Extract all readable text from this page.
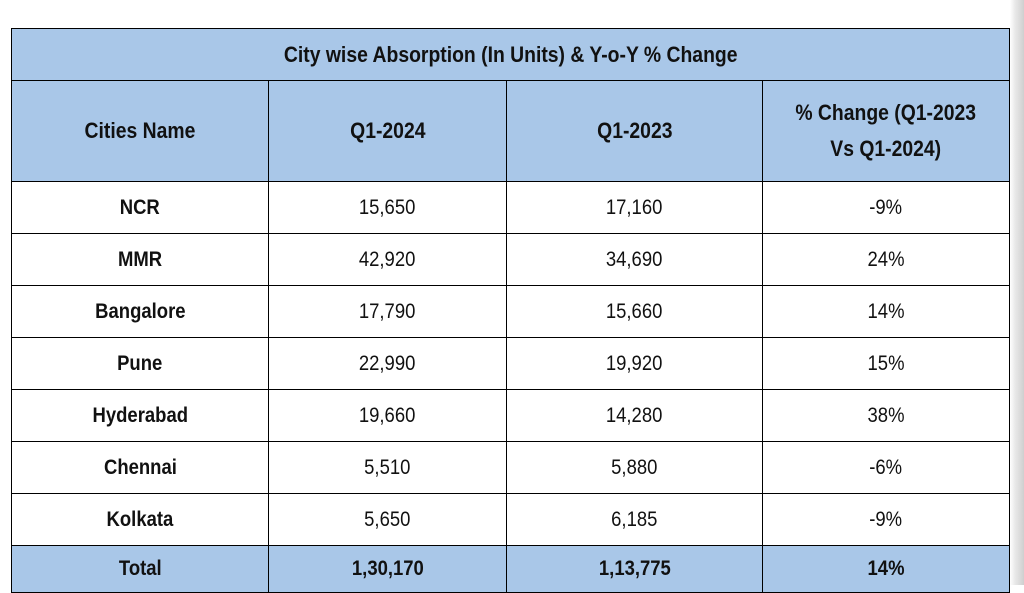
City wise Absorption (In Units) & Y-o-Y % Change			
Cities Name	Q1-2024	Q1-2023	% Change (Q1-2023
Vs Q1-2024)
NCR	15,650	17,160	-9%
MMR	42,920	34,690	24%
Bangalore	17,790	15,660	14%
Pune	22,990	19,920	15%
Hyderabad	19,660	14,280	38%
Chennai	5,510	5,880	-6%
Kolkata	5,650	6,185	-9%
Total	1,30,170	1,13,775	14%
